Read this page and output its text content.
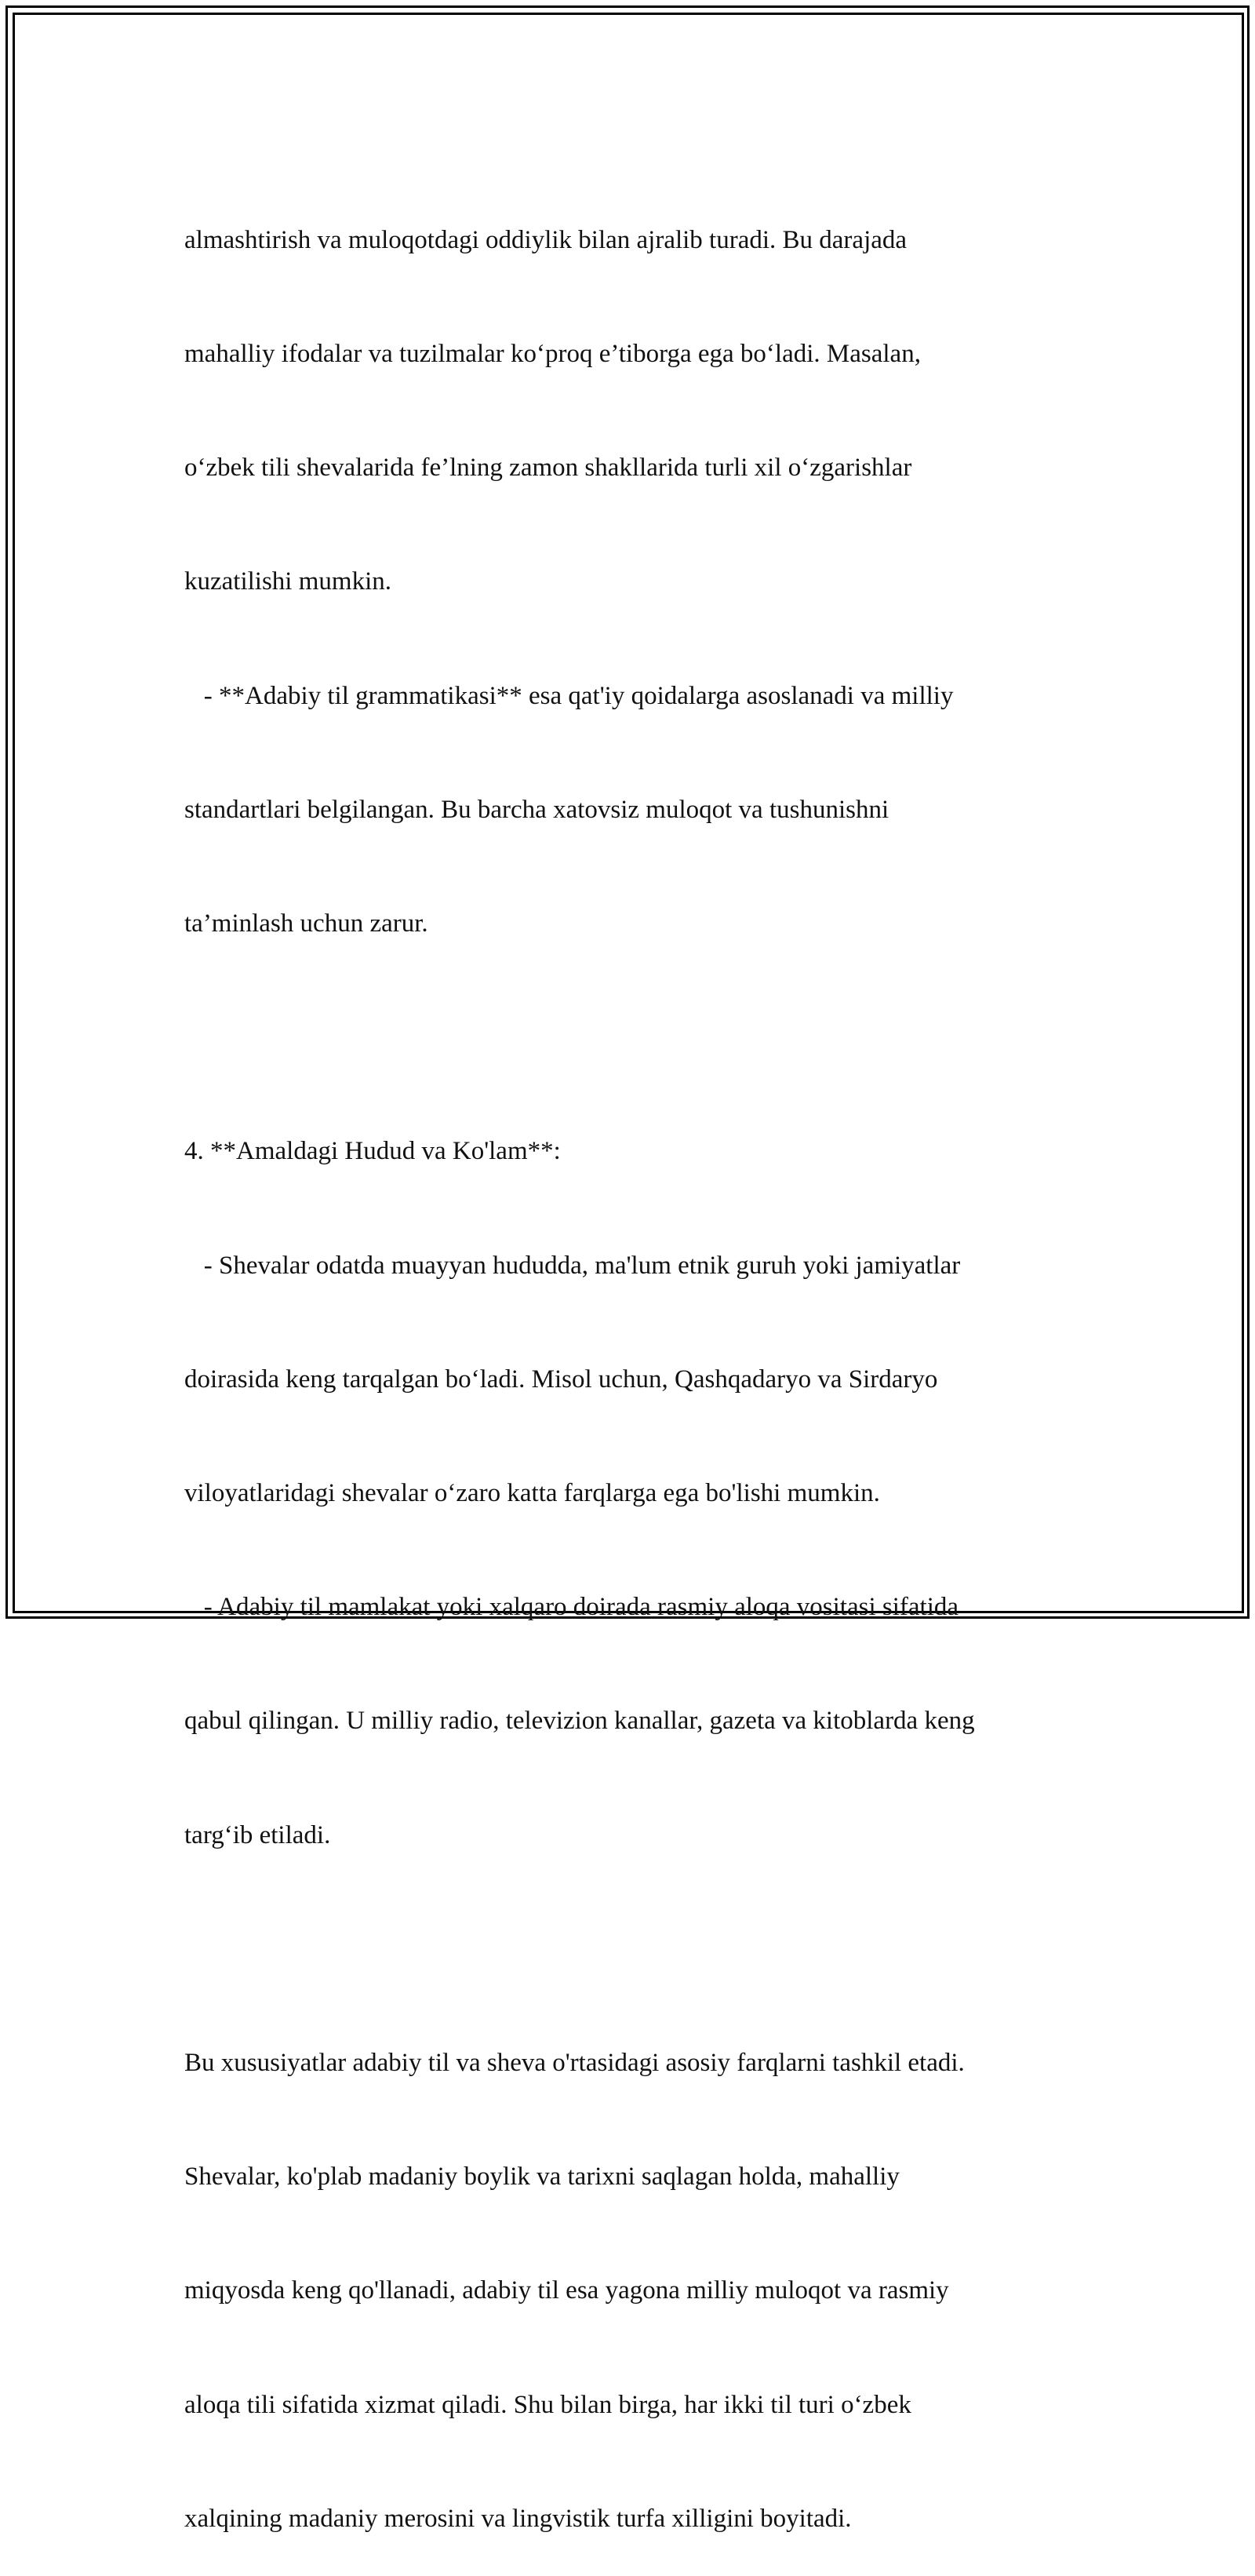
almashtirish va muloqotdagi oddiylik bilan ajralib turadi. Bu darajada

mahalliy ifodalar va tuzilmalar ko‘proq e’tiborga ega bo‘ladi. Masalan,

o‘zbek tili shevalarida fe’lning zamon shakllarida turli xil o‘zgarishlar

kuzatilishi mumkin.

- **Adabiy til grammatikasi** esa qat'iy qoidalarga asoslanadi va milliy

standartlari belgilangan. Bu barcha xatovsiz muloqot va tushunishni

ta’minlash uchun zarur.

4. **Amaldagi Hudud va Ko'lam**:

- Shevalar odatda muayyan hududda, ma'lum etnik guruh yoki jamiyatlar

doirasida keng tarqalgan bo‘ladi. Misol uchun, Qashqadaryo va Sirdaryo

viloyatlaridagi shevalar o‘zaro katta farqlarga ega bo'lishi mumkin.

- Adabiy til mamlakat yoki xalqaro doirada rasmiy aloqa vositasi sifatida

qabul qilingan. U milliy radio, televizion kanallar, gazeta va kitoblarda keng

targ‘ib etiladi.

Bu xususiyatlar adabiy til va sheva o'rtasidagi asosiy farqlarni tashkil etadi.

Shevalar, ko'plab madaniy boylik va tarixni saqlagan holda, mahalliy

miqyosda keng qo'llanadi, adabiy til esa yagona milliy muloqot va rasmiy

aloqa tili sifatida xizmat qiladi. Shu bilan birga, har ikki til turi o‘zbek

xalqining madaniy merosini va lingvistik turfa xilligini boyitadi.
